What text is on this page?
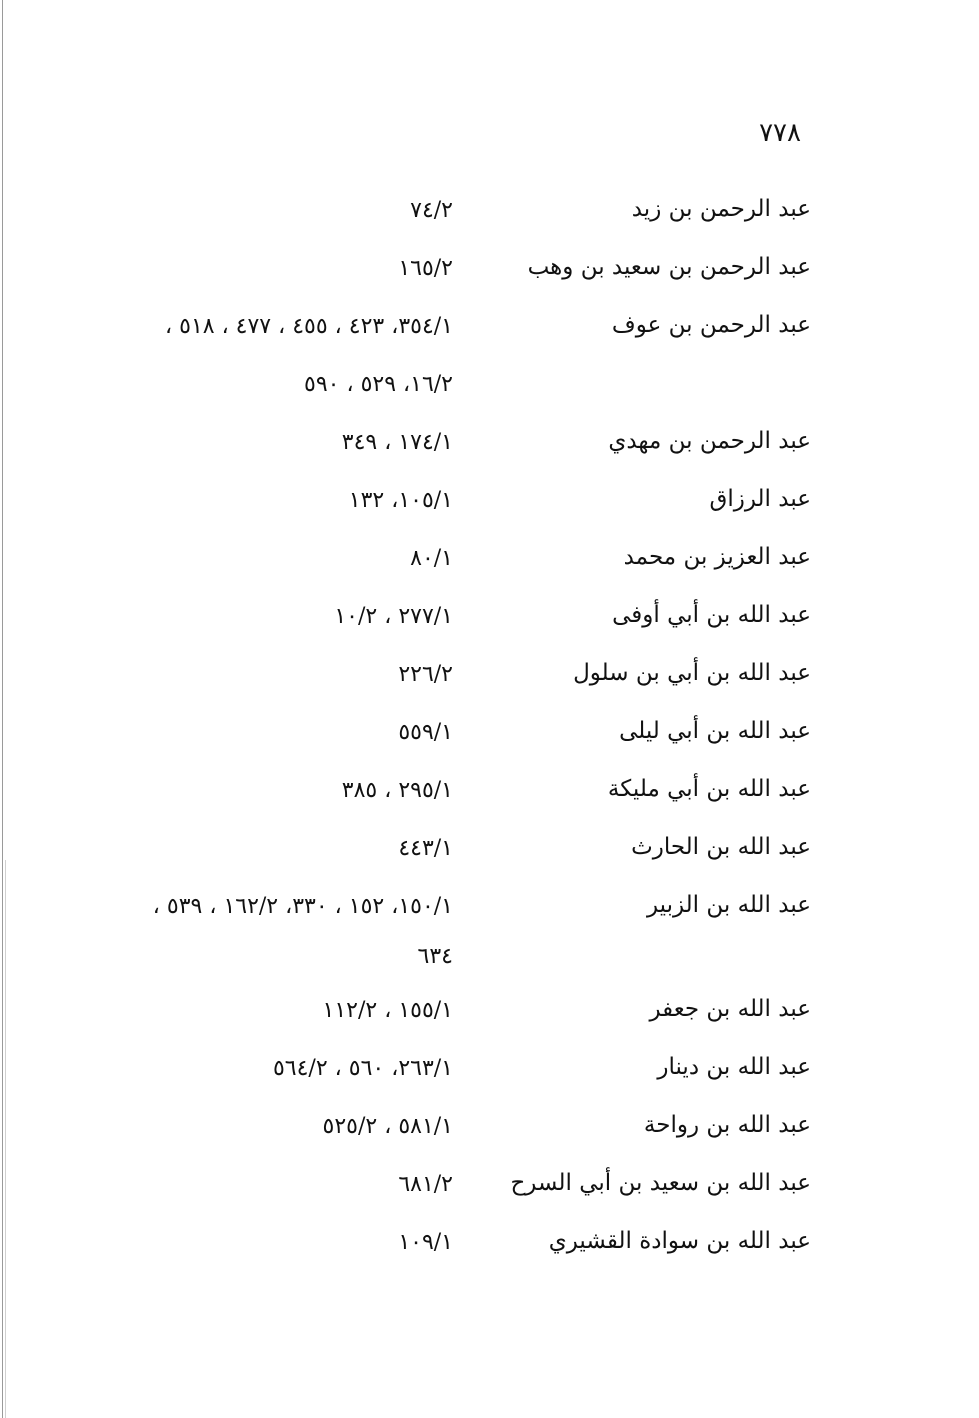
٧٧٨
عبد الرحمن بن زيد
٧٤/٢
عبد الرحمن بن سعيد بن وهب
١٦٥/٢
عبد الرحمن بن عوف
٣٥٤/١، ٤٢٣ ، ٤٥٥ ، ٤٧٧ ، ٥١٨ ،
١٦/٢، ٥٢٩ ، ٥٩٠
عبد الرحمن بن مهدي
١٧٤/١ ، ٣٤٩
عبد الرزاق
١٠٥/١، ١٣٢
عبد العزيز بن محمد
٨٠/١
عبد الله بن أبي أوفى
٢٧٧/١ ، ١٠/٢
عبد الله بن أبي بن سلول
٢٢٦/٢
عبد الله بن أبي ليلى
٥٥٩/١
عبد الله بن أبي مليكة
٢٩٥/١ ، ٣٨٥
عبد الله بن الحارث
٤٤٣/١
عبد الله بن الزبير
١٥٠/١، ١٥٢ ، ٣٣٠، ١٦٢/٢ ، ٥٣٩ ،
٦٣٤
عبد الله بن جعفر
١٥٥/١ ، ١١٢/٢
عبد الله بن دينار
٢٦٣/١، ٥٦٠ ، ٥٦٤/٢
عبد الله بن رواحة
٥٨١/١ ، ٥٢٥/٢
عبد الله بن سعيد بن أبي السرح
٦٨١/٢
عبد الله بن سوادة القشيري
١٠٩/١
